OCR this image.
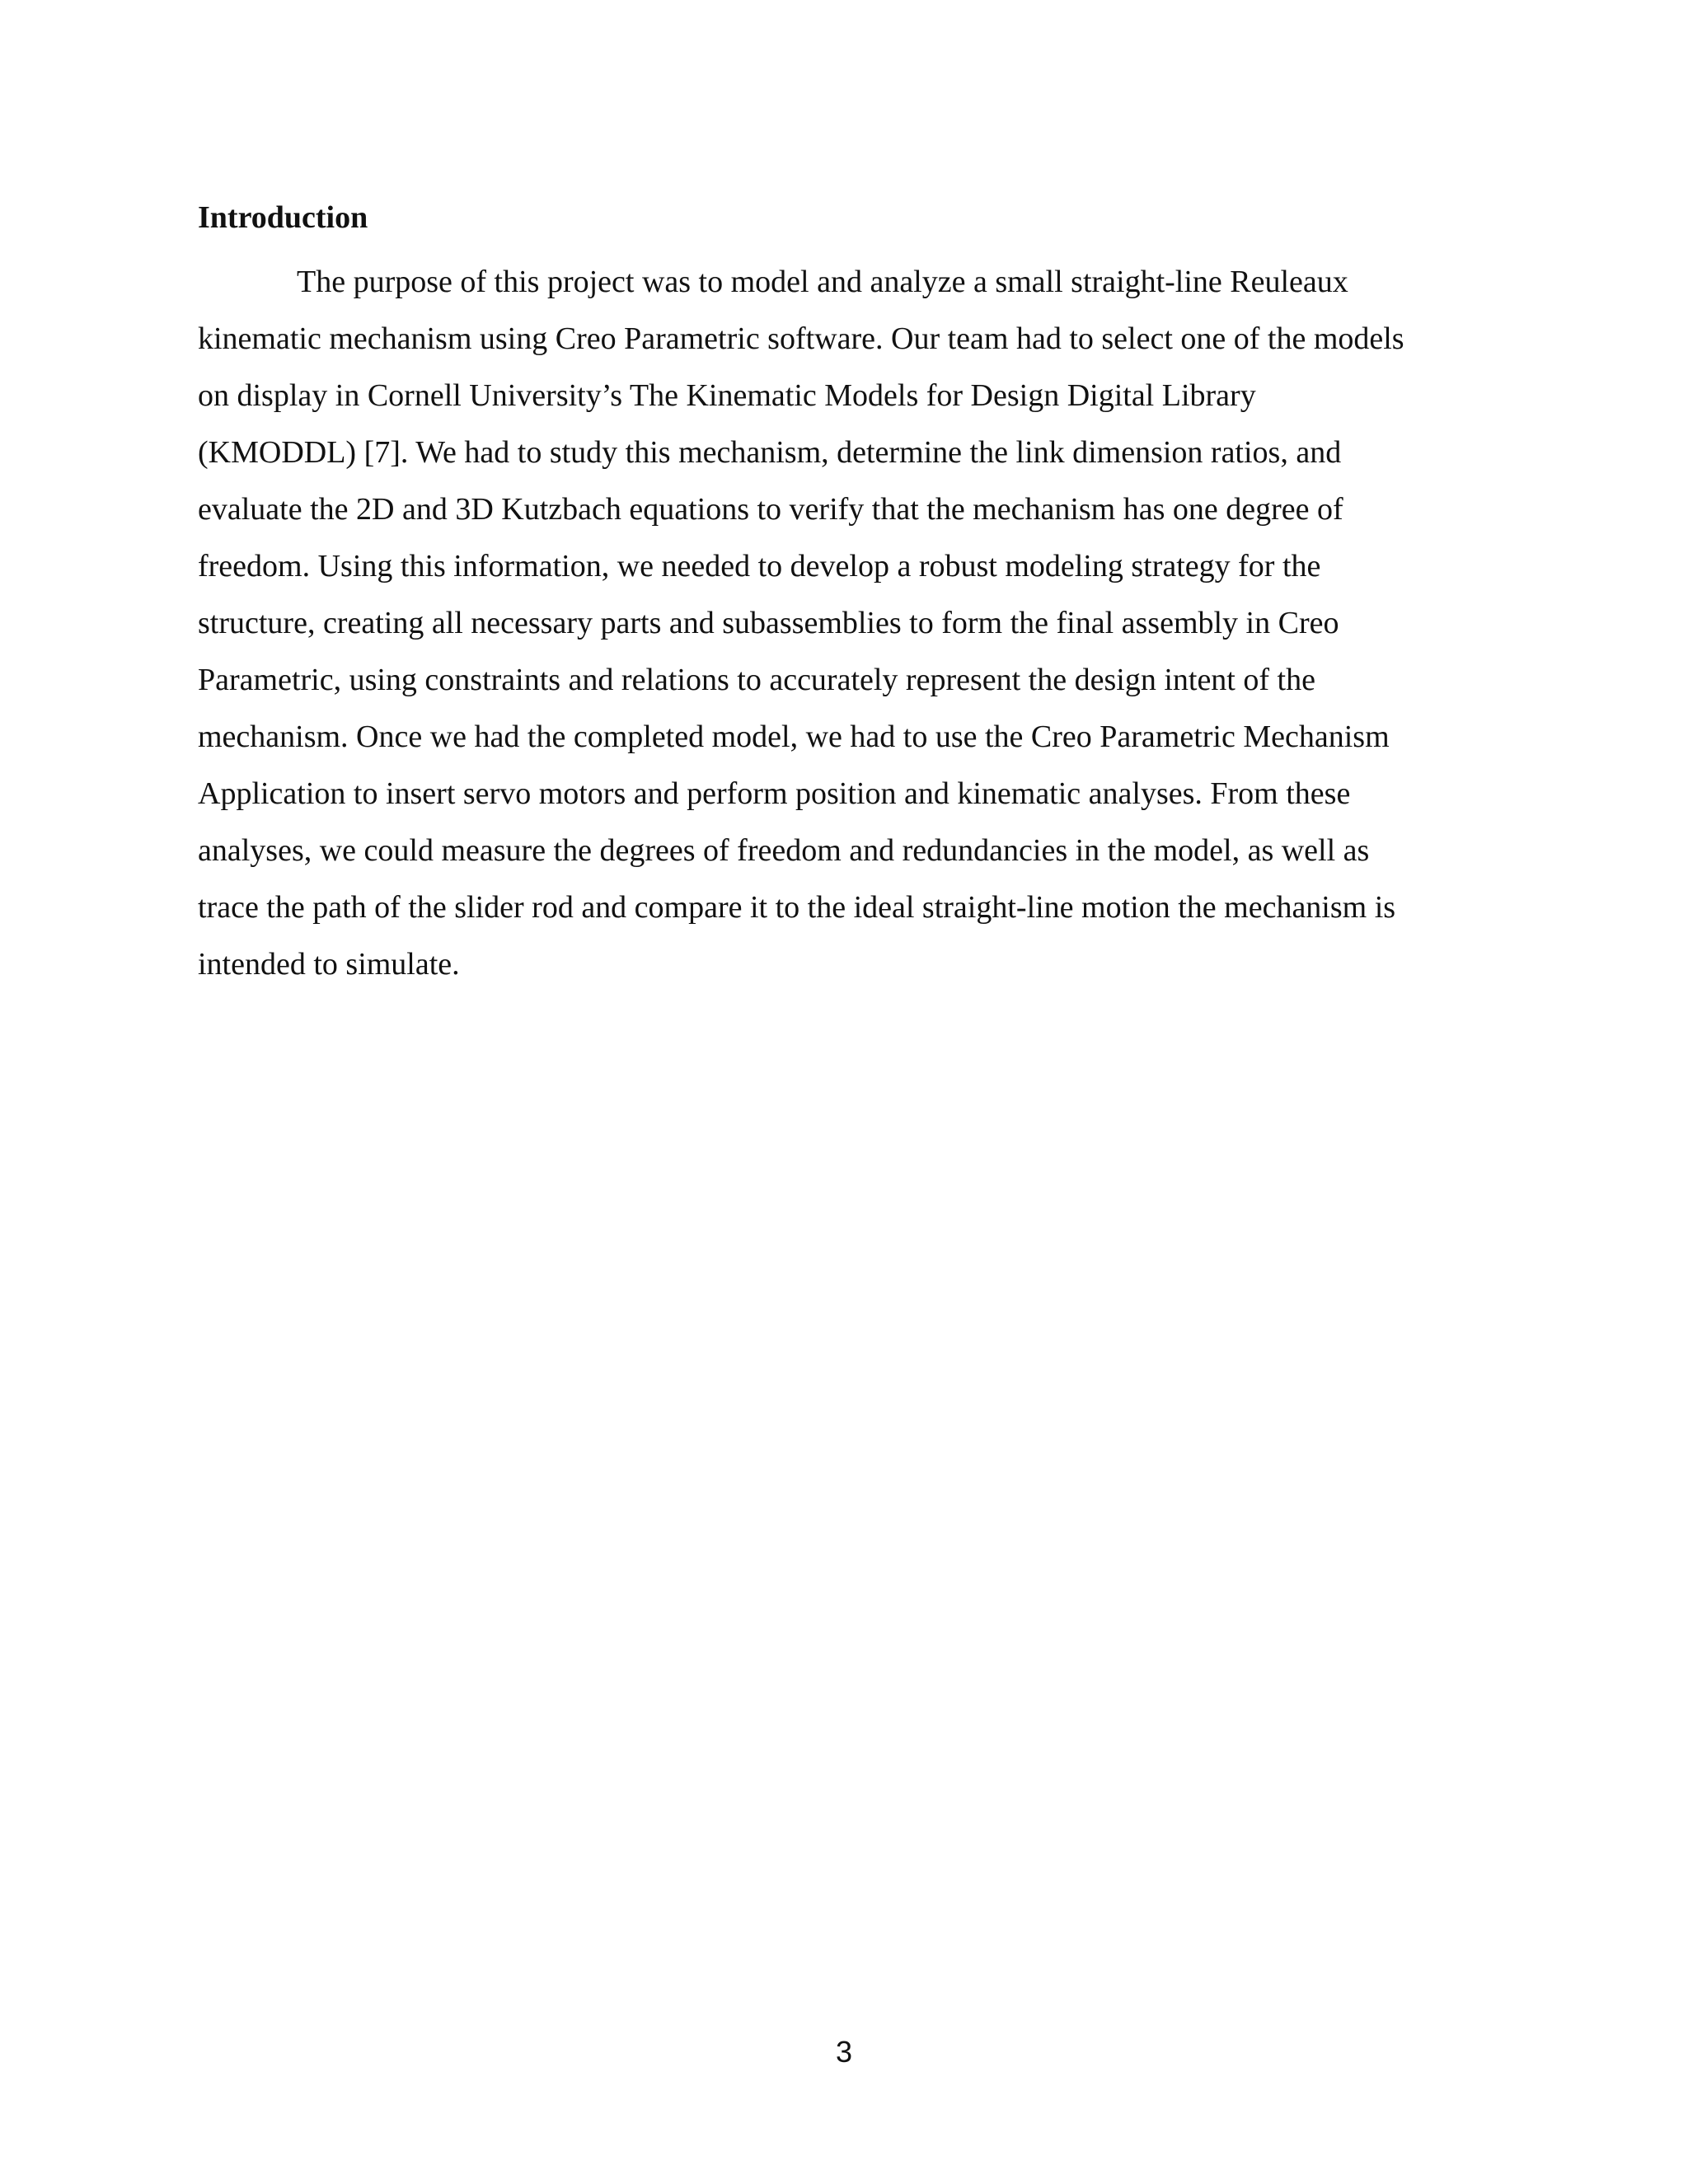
Introduction
The purpose of this project was to model and analyze a small straight-line Reuleaux
kinematic mechanism using Creo Parametric software. Our team had to select one of the models
on display in Cornell University’s The Kinematic Models for Design Digital Library
(KMODDL) [7]. We had to study this mechanism, determine the link dimension ratios, and
evaluate the 2D and 3D Kutzbach equations to verify that the mechanism has one degree of
freedom. Using this information, we needed to develop a robust modeling strategy for the
structure, creating all necessary parts and subassemblies to form the final assembly in Creo
Parametric, using constraints and relations to accurately represent the design intent of the
mechanism. Once we had the completed model, we had to use the Creo Parametric Mechanism
Application to insert servo motors and perform position and kinematic analyses. From these
analyses, we could measure the degrees of freedom and redundancies in the model, as well as
trace the path of the slider rod and compare it to the ideal straight-line motion the mechanism is
intended to simulate.
3
